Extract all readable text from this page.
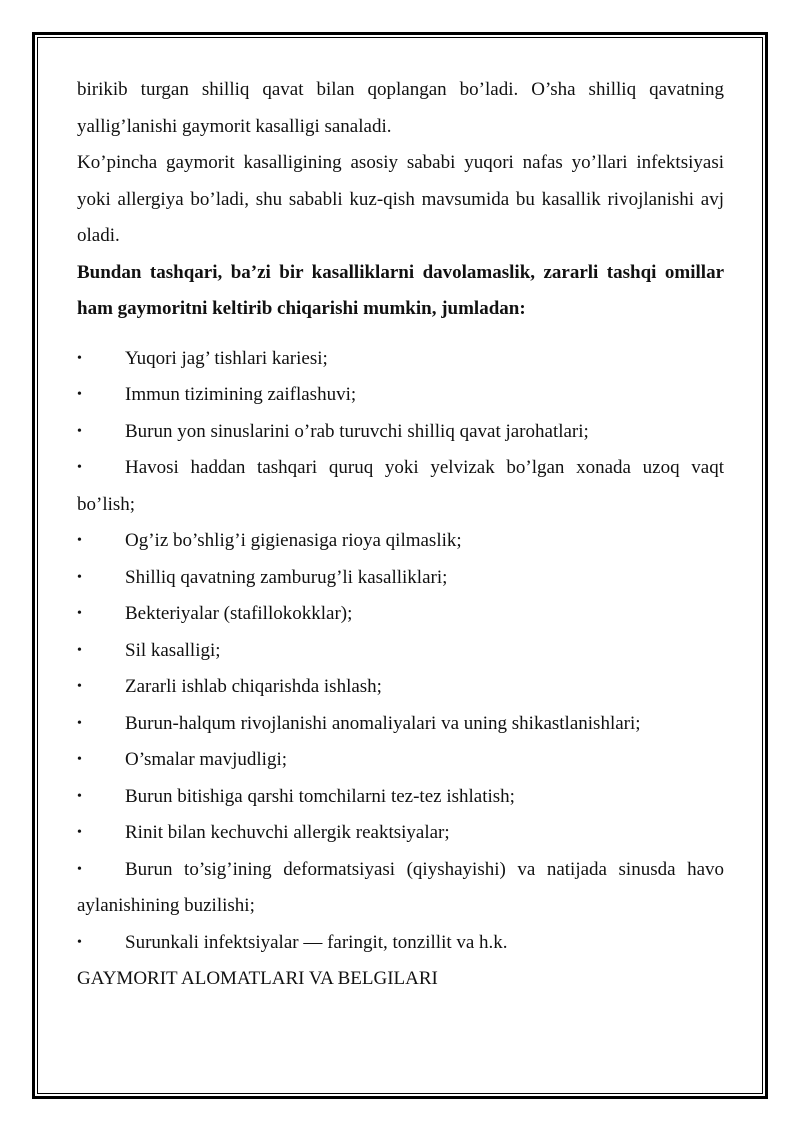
birikib turgan shilliq qavat bilan qoplangan bo’ladi. O’sha shilliq qavatning yallig’lanishi gaymorit kasalligi sanaladi.

Ko’pincha gaymorit kasalligining asosiy sababi yuqori nafas yo’llari infektsiyasi yoki allergiya bo’ladi, shu sababli kuz-qish mavsumida bu kasallik rivojlanishi avj oladi.

Bundan tashqari, ba’zi bir kasalliklarni davolamaslik, zararli tashqi omillar ham gaymoritni keltirib chiqarishi mumkin, jumladan:

• Yuqori jag’ tishlari kariesi;
• Immun tizimining zaiflashuvi;
• Burun yon sinuslarini o’rab turuvchi shilliq qavat jarohatlari;
• Havosi haddan tashqari quruq yoki yelvizak bo’lgan xonada uzoq vaqt bo’lish;
• Og’iz bo’shlig’i gigienasiga rioya qilmaslik;
• Shilliq qavatning zamburug’li kasalliklari;
• Bekteriyalar (stafillokokklar);
• Sil kasalligi;
• Zararli ishlab chiqarishda ishlash;
• Burun-halqum rivojlanishi anomaliyalari va uning shikastlanishlari;
• O’smalar mavjudligi;
• Burun bitishiga qarshi tomchilarni tez-tez ishlatish;
• Rinit bilan kechuvchi allergik reaktsiyalar;
• Burun to’sig’ining deformatsiyasi (qiyshayishi) va natijada sinusda havo aylanishining buzilishi;
• Surunkali infektsiyalar — faringit, tonzillit va h.k.

GAYMORIT ALOMATLARI VA BELGILARI
